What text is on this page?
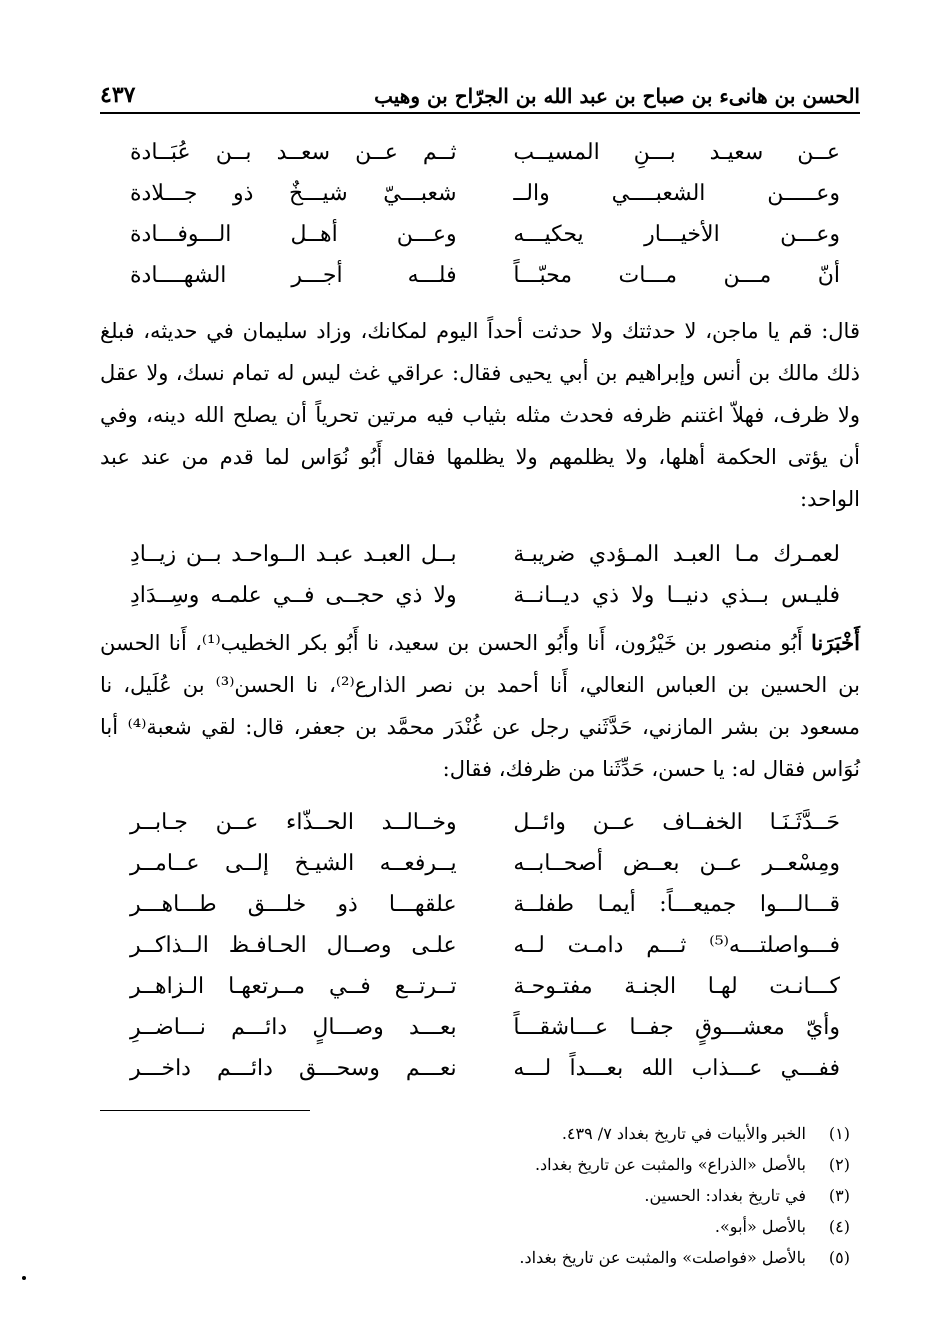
الحسن بن هانىء بن صباح بن عبد الله بن الجرّاح بن وهيب
٤٣٧
عــن سعيـد بـــنِ المسيــب
ثــم عــن سعــد بــن عُبَــادة
وعـــــن الشعبــــي والــ
شعبـــيّ شيـــخٌ ذو جـــلادة
وعـــن الأخيـــار يحكيـــه
وعـــن أهــل الـــوفـــادة
أنّ مـــن مـــات محبّـــاً
فلـــه أجـــر الشهــــادة

قال: قم يا ماجن، لا حدثتك ولا حدثت أحداً اليوم لمكانك، وزاد سليمان في حديثه، فبلغ ذلك مالك بن أنس وإبراهيم بن أبي يحيى فقال: عراقي غث ليس له تمام نسك، ولا عقل ولا ظرف، فهلاّ اغتنم ظرفه فحدث مثله بثياب فيه مرتين تحرياً أن يصلح الله دينه، وفي أن يؤتى الحكمة أهلها، ولا يظلمهم ولا يظلمها فقال أَبُو نُوَاس لما قدم من عند عبد الواحد:

لعمـرك مـا العبـد المـؤدي ضريبـة
بــل العبـد عبـد الــواحـد بــن زيــادِ
فليـس بــذي دنيــا ولا ذي ديــانــة
ولا ذي حجــى فــي علمـه وسِــدَادِ

أَخْبَرَنا أَبُو منصور بن خَيْرُون، أَنا وأَبُو الحسن بن سعيد، نا أَبُو بكر الخطيب⁽¹⁾، أَنا الحسن بن الحسين بن العباس النعالي، أَنا أحمد بن نصر الذارع⁽²⁾، نا الحسن⁽³⁾ بن عُلَيل، نا مسعود بن بشر المازني، حَدَّثَني رجل عن غُنْدَر محمَّد بن جعفر، قال: لقي شعبة⁽⁴⁾ أبا نُوَاس فقال له: يا حسن، حَدِّثَنا من ظرفك، فقال:

حَــدَّثَـنَـا الخفــاف عــن وائــل
وخــالــد الحــذّاء عــن جـابــر
ومِسْعــر عــن بعــض أصحــابــه
يــرفعــه الشيـخ إلــى عــامــر
قـــالـــوا جميعـــاً: أيمـا طفلــة
علقهـــا ذو خلـــق طـــاهـــر
فـــواصلتـــه⁽⁵⁾ ثـــم دامـت لــه
علـى وصــال الحـافـظ الــذاكــر
كـــانـت لهـا الجنـة مفتـوحـة
تــرتــع فــي مــرتعهـا الـزاهــر
وأيّ معشـــوقٍ جفــا عـــاشقـــاً
بعـــد وصـــالٍ دائـــم نـــاضــرِ
ففـــي عـــذاب الله بعـــداً لـــه
نعـــم وسحـــق دائـــم داخـــر
(١)
الخبر والأبيات في تاريخ بغداد ٧/ ٤٣٩.
(٢)
بالأصل «الذراع» والمثبت عن تاريخ بغداد.
(٣)
في تاريخ بغداد: الحسين.
(٤)
بالأصل «أبو».
(٥)
بالأصل «فواصلت» والمثبت عن تاريخ بغداد.
